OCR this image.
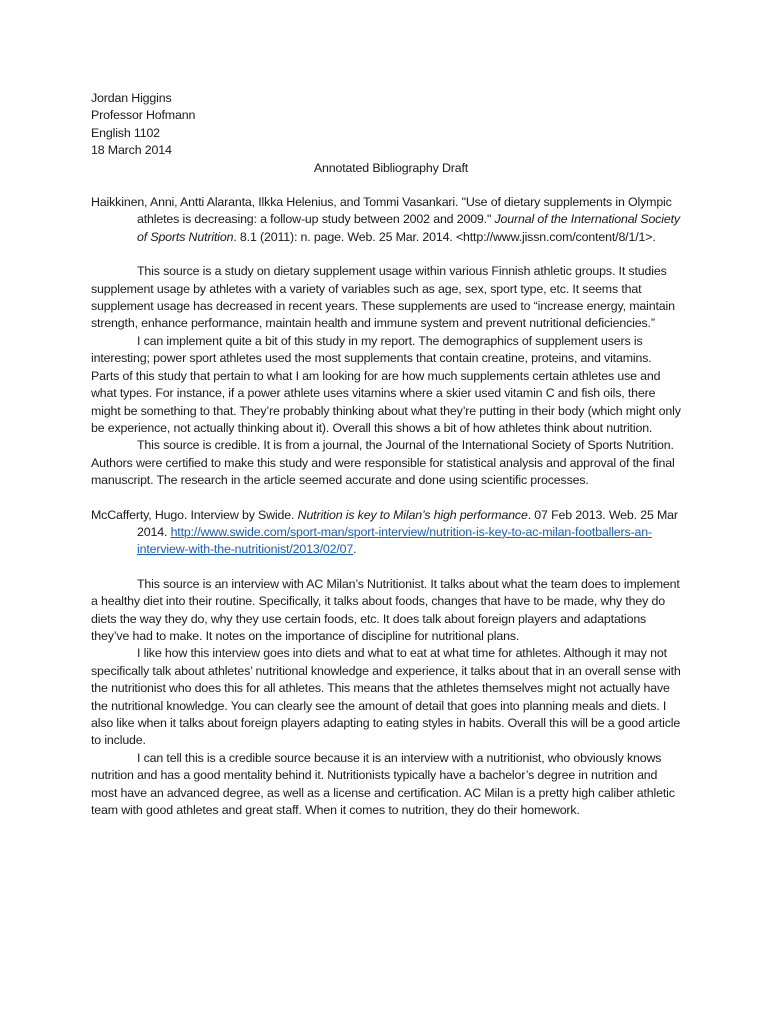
Jordan Higgins

Professor Hofmann

English 1102

18 March 2014

Annotated Bibliography Draft

Haikkinen, Anni, Antti Alaranta, Ilkka Helenius, and Tommi Vasankari. "Use of dietary supplements in Olympic athletes is decreasing: a follow-up study between 2002 and 2009." Journal of the International Society of Sports Nutrition. 8.1 (2011): n. page. Web. 25 Mar. 2014. <http://www.jissn.com/content/8/1/1>.

This source is a study on dietary supplement usage within various Finnish athletic groups. It studies supplement usage by athletes with a variety of variables such as age, sex, sport type, etc. It seems that supplement usage has decreased in recent years. These supplements are used to “increase energy, maintain strength, enhance performance, maintain health and immune system and prevent nutritional deficiencies.”

I can implement quite a bit of this study in my report. The demographics of supplement users is interesting; power sport athletes used the most supplements that contain creatine, proteins, and vitamins. Parts of this study that pertain to what I am looking for are how much supplements certain athletes use and what types. For instance, if a power athlete uses vitamins where a skier used vitamin C and fish oils, there might be something to that. They’re probably thinking about what they’re putting in their body (which might only be experience, not actually thinking about it). Overall this shows a bit of how athletes think about nutrition.

This source is credible. It is from a journal, the Journal of the International Society of Sports Nutrition. Authors were certified to make this study and were responsible for statistical analysis and approval of the final manuscript. The research in the article seemed accurate and done using scientific processes.

McCafferty, Hugo. Interview by Swide. Nutrition is key to Milan’s high performance. 07 Feb 2013. Web. 25 Mar 2014. http://www.swide.com/sport-man/sport-interview/nutrition-is-key-to-ac-milan-footballers-an-interview-with-the-nutritionist/2013/02/07.

This source is an interview with AC Milan’s Nutritionist. It talks about what the team does to implement a healthy diet into their routine. Specifically, it talks about foods, changes that have to be made, why they do diets the way they do, why they use certain foods, etc. It does talk about foreign players and adaptations they’ve had to make. It notes on the importance of discipline for nutritional plans.

I like how this interview goes into diets and what to eat at what time for athletes. Although it may not specifically talk about athletes’ nutritional knowledge and experience, it talks about that in an overall sense with the nutritionist who does this for all athletes. This means that the athletes themselves might not actually have the nutritional knowledge. You can clearly see the amount of detail that goes into planning meals and diets. I also like when it talks about foreign players adapting to eating styles in habits. Overall this will be a good article to include.

I can tell this is a credible source because it is an interview with a nutritionist, who obviously knows nutrition and has a good mentality behind it. Nutritionists typically have a bachelor’s degree in nutrition and most have an advanced degree, as well as a license and certification. AC Milan is a pretty high caliber athletic team with good athletes and great staff. When it comes to nutrition, they do their homework.
